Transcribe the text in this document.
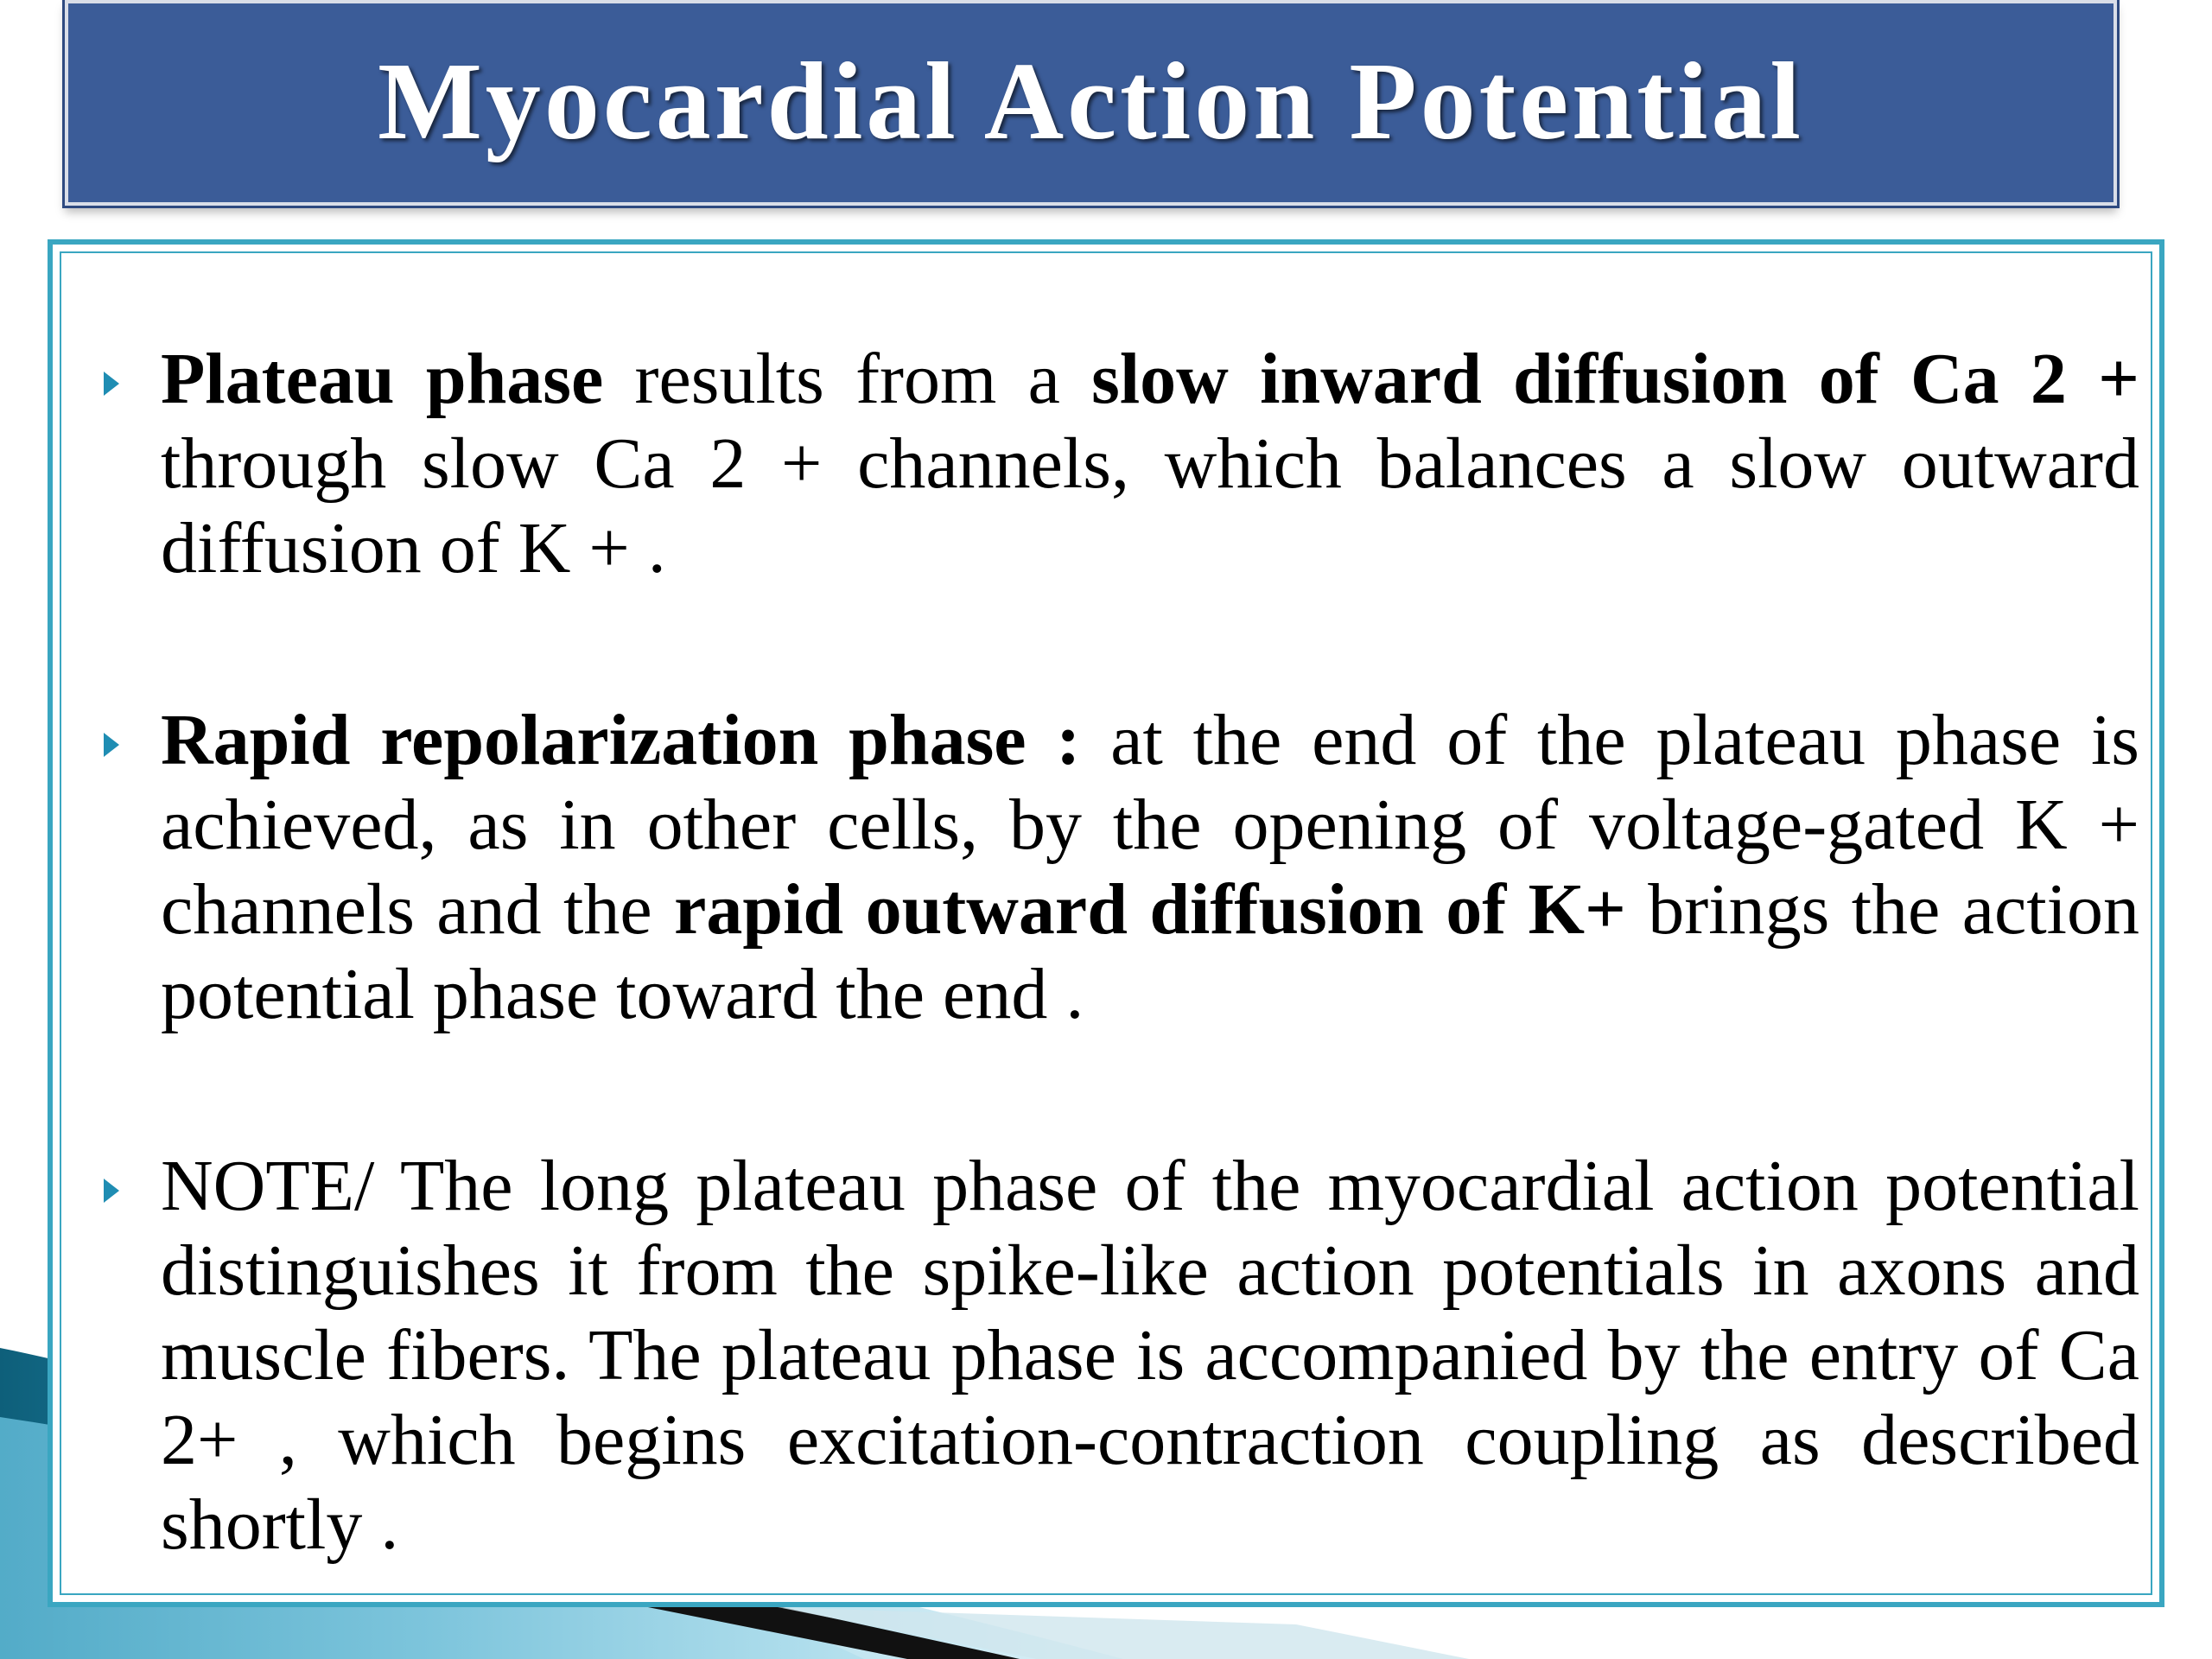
Myocardial Action Potential
Plateau phase results from a slow inward diffusion of Ca 2 + through slow Ca 2 + channels, which balances a slow outward diffusion of K + .
Rapid repolarization phase : at the end of the plateau phase is achieved, as in other cells, by the opening of voltage-gated K + channels and the rapid outward diffusion of K+ brings the action potential phase toward the end .
NOTE/ The long plateau phase of the myocardial action potential distinguishes it from the spike-like action potentials in axons and muscle fibers. The plateau phase is accompanied by the entry of Ca 2+ , which begins excitation-contraction coupling as described shortly .
